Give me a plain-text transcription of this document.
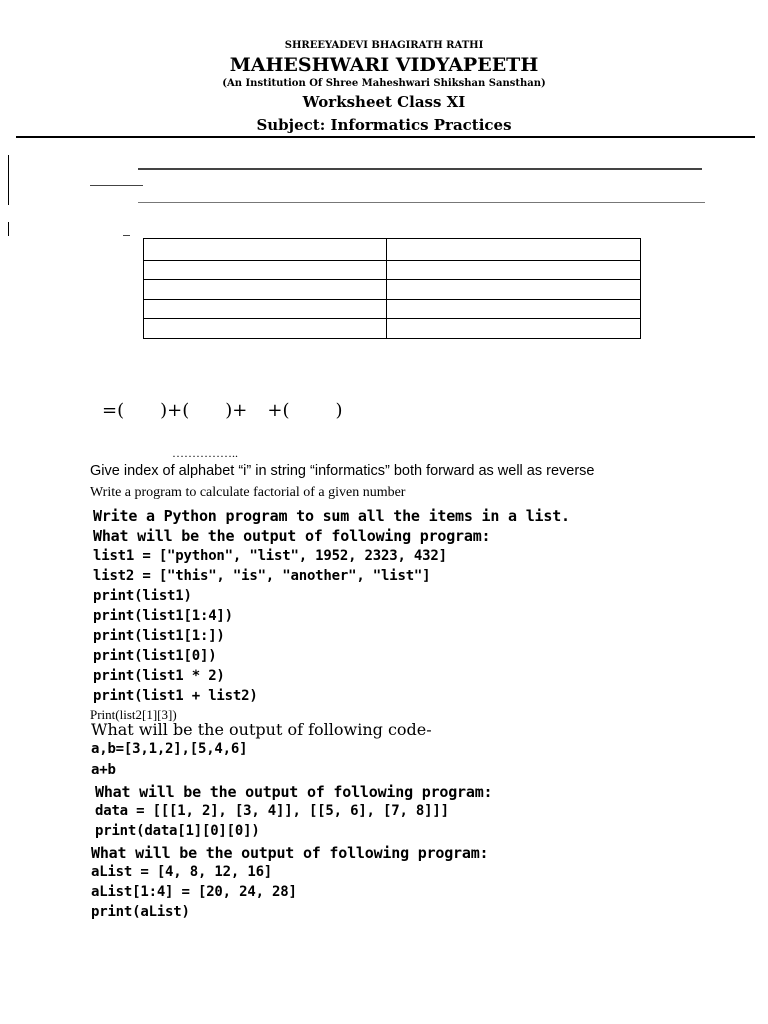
SHREEYADEVI BHAGIRATH RATHI
MAHESHWARI VIDYAPEETH
(An Institution Of Shree Maheshwari Shikshan Sansthan)
Worksheet Class XI
Subject: Informatics Practices

=( )+( )+ +(	)
……………..
Give index of alphabet “i” in string “informatics” both forward as well as reverse
Write a program to calculate factorial of a given number
Write a Python program to sum all the items in a list.
What will be the output of following program:
list1 = ["python", "list", 1952, 2323, 432]
list2 = ["this", "is", "another", "list"]
print(list1)
print(list1[1:4])
print(list1[1:])
print(list1[0])
print(list1 * 2)
print(list1 + list2)
Print(list2[1][3])
What will be the output of following code-
a,b=[3,1,2],[5,4,6]
a+b
What will be the output of following program:
data = [[[1, 2], [3, 4]], [[5, 6], [7, 8]]]
print(data[1][0][0])
What will be the output of following program:
aList = [4, 8, 12, 16]
aList[1:4] = [20, 24, 28]
print(aList)
